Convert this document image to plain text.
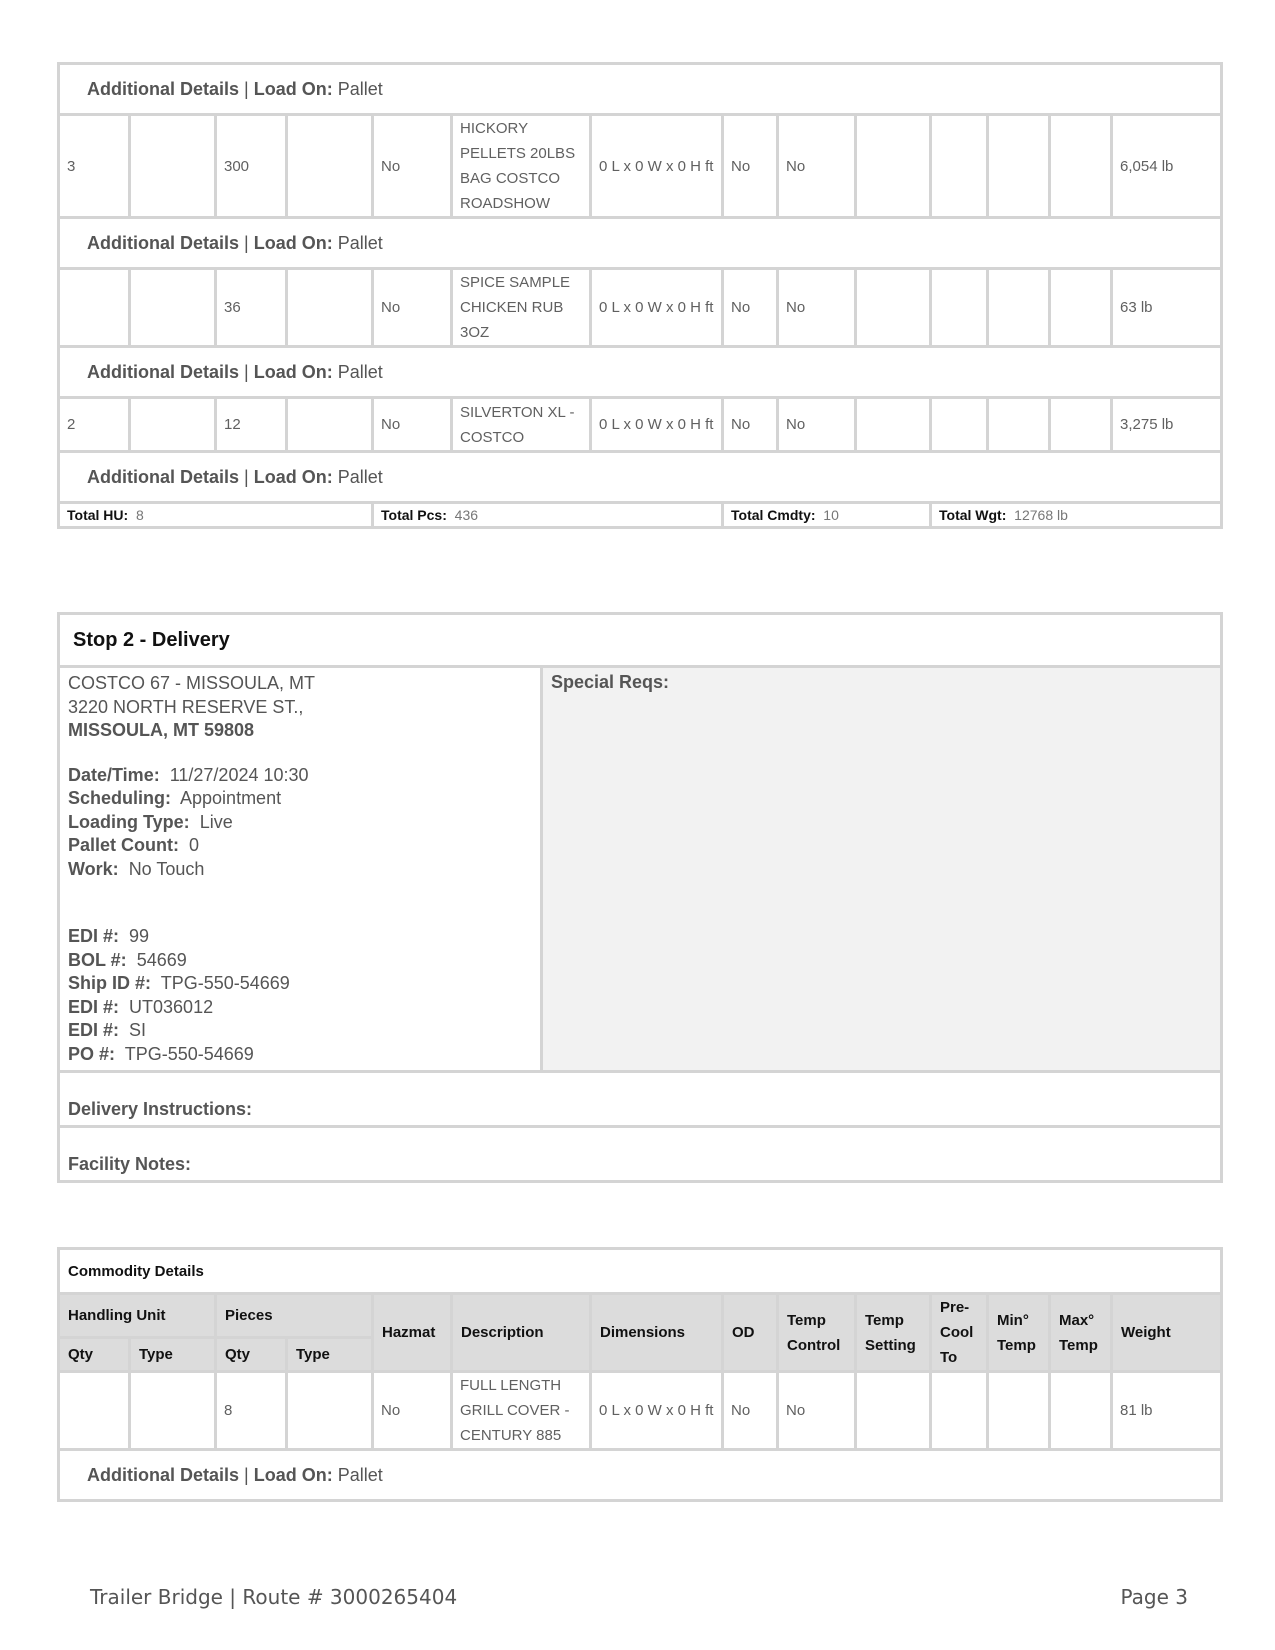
Additional Details | Load On: Pallet													
3		300		No	HICKORY PELLETS 20LBS BAG COSTCO ROADSHOW	0 L x 0 W x 0 H ft	No	No					6,054 lb
Additional Details | Load On: Pallet													
		36		No	SPICE SAMPLE CHICKEN RUB 3OZ	0 L x 0 W x 0 H ft	No	No					63 lb
Additional Details | Load On: Pallet													
2		12		No	SILVERTON XL - COSTCO	0 L x 0 W x 0 H ft	No	No					3,275 lb
Additional Details | Load On: Pallet													
Total HU: 8				Total Pcs: 436			Total Cmdty: 10			Total Wgt: 12768 lb			
Stop 2 - Delivery

COSTCO 67 - MISSOULA, MT
3220 NORTH RESERVE ST.,
MISSOULA, MT 59808
Date/Time: 11/27/2024 10:30
Scheduling: Appointment
Loading Type: Live
Pallet Count: 0
Work: No Touch
EDI #: 99
BOL #: 54669
Ship ID #: TPG-550-54669
EDI #: UT036012
EDI #: SI
PO #: TPG-550-54669
	Special Reqs:
Delivery Instructions:
Facility Notes:
Commodity Details													
Handling Unit		Pieces		Hazmat	Description	Dimensions	OD	Temp Control	Temp Setting	Pre-Cool To	Min° Temp	Max° Temp	Weight
Qty	Type	Qty	Type										
		8		No	FULL LENGTH GRILL COVER - CENTURY 885	0 L x 0 W x 0 H ft	No	No					81 lb
Additional Details | Load On: Pallet													
Trailer Bridge | Route # 3000265404	Page 3
